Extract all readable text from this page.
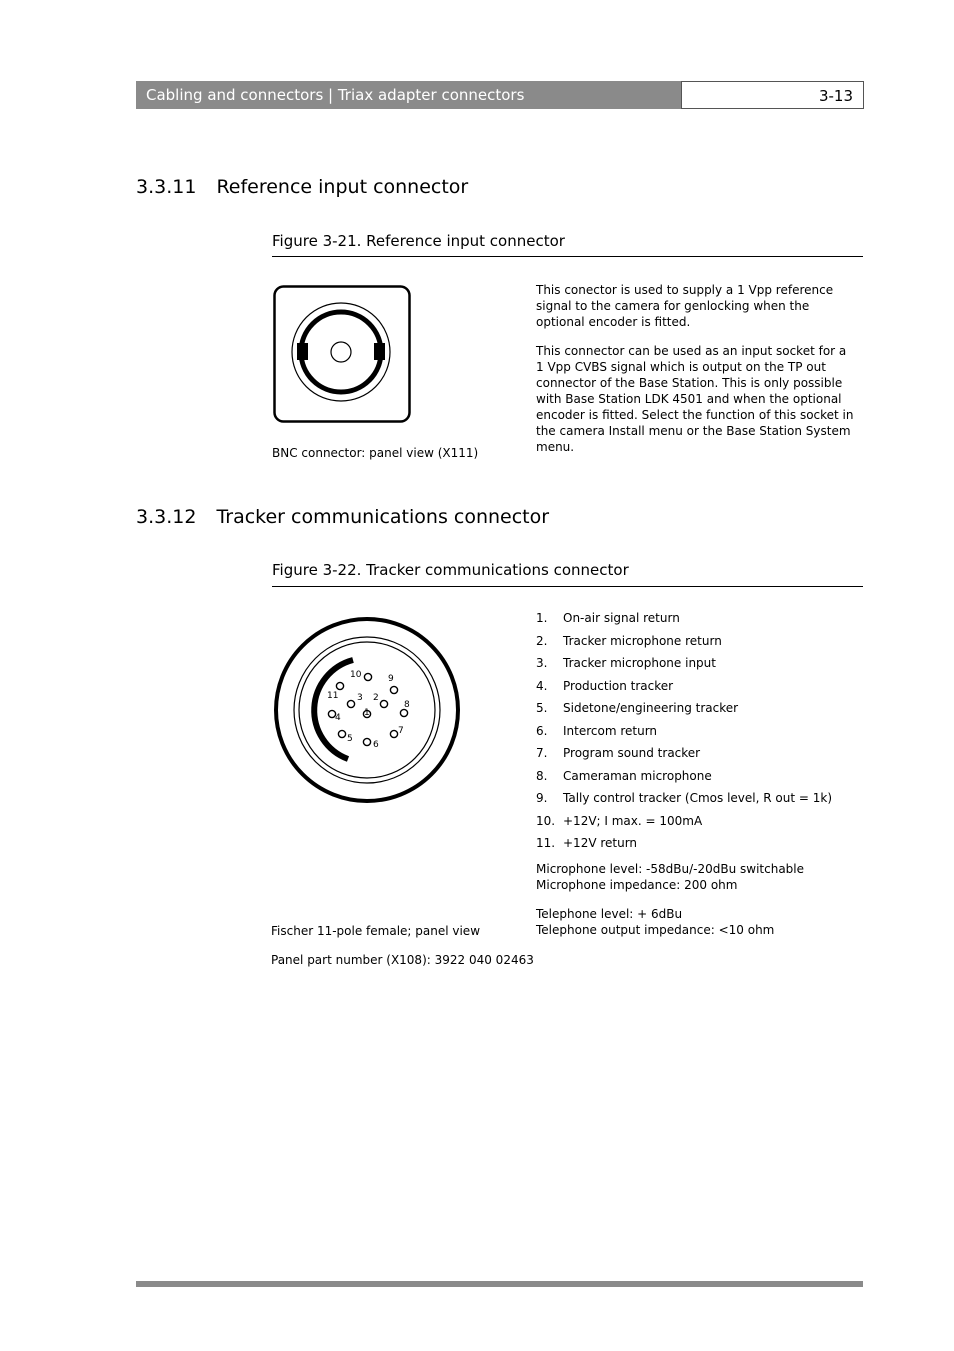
Cabling and connectors | Triax adapter connectors	3-13
3.3.11 Reference input connector
Figure 3-21. Reference input connector
BNC connector: panel view (X111)
This conector is used to supply a 1 Vpp reference signal to the camera for genlocking when the optional encoder is fitted.
This connector can be used as an input socket for a 1 Vpp CVBS signal which is output on the TP out connector of the Base Station. This is only possible with Base Station LDK 4501 and when the optional encoder is fitted. Select the function of this socket in the camera Install menu or the Base Station System menu.
3.3.12 Tracker communications connector
Figure 3-22. Tracker communications connector
1
2
3
4
5
6
7
8
9
10
11
1. On-air signal return
2. Tracker microphone return
3. Tracker microphone input
4. Production tracker
5. Sidetone/engineering tracker
6. Intercom return
7. Program sound tracker
8. Cameraman microphone
9. Tally control tracker (Cmos level, R out = 1k)
10. +12V; I max. = 100mA
11. +12V return
Microphone level: -58dBu/-20dBu switchable
Microphone impedance: 200 ohm
Telephone level: + 6dBu
Telephone output impedance: <10 ohm
Fischer 11-pole female; panel view
Panel part number (X108): 3922 040 02463
